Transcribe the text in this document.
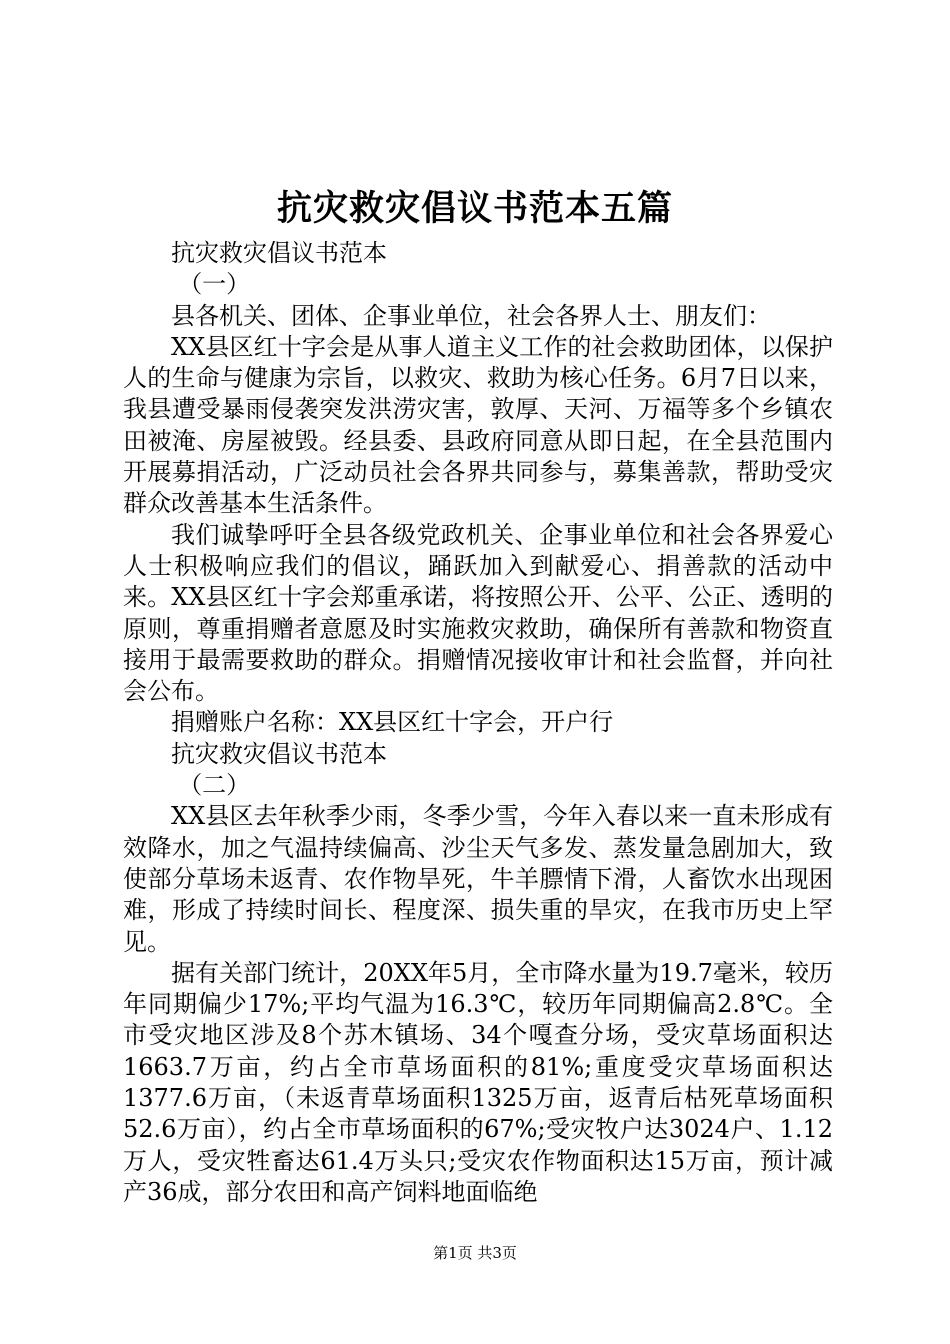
抗灾救灾倡议书范本五篇

抗灾救灾倡议书范本

（一）

县各机关、团体、企事业单位，社会各界人士、朋友们：

XX县区红十字会是从事人道主义工作的社会救助团体，以保护人的生命与健康为宗旨，以救灾、救助为核心任务。6月7日以来，我县遭受暴雨侵袭突发洪涝灾害，敦厚、天河、万福等多个乡镇农田被淹、房屋被毁。经县委、县政府同意从即日起，在全县范围内开展募捐活动，广泛动员社会各界共同参与，募集善款，帮助受灾群众改善基本生活条件。

我们诚挚呼吁全县各级党政机关、企事业单位和社会各界爱心人士积极响应我们的倡议，踊跃加入到献爱心、捐善款的活动中来。XX县区红十字会郑重承诺，将按照公开、公平、公正、透明的原则，尊重捐赠者意愿及时实施救灾救助，确保所有善款和物资直接用于最需要救助的群众。捐赠情况接收审计和社会监督，并向社会公布。

捐赠账户名称：XX县区红十字会，开户行

抗灾救灾倡议书范本

（二）

XX县区去年秋季少雨，冬季少雪，今年入春以来一直未形成有效降水，加之气温持续偏高、沙尘天气多发、蒸发量急剧加大，致使部分草场未返青、农作物旱死，牛羊膘情下滑，人畜饮水出现困难，形成了持续时间长、程度深、损失重的旱灾，在我市历史上罕见。

据有关部门统计，20XX年5月，全市降水量为19.7毫米，较历年同期偏少17%;平均气温为16.3℃，较历年同期偏高2.8℃。全市受灾地区涉及8个苏木镇场、34个嘎查分场，受灾草场面积达1663.7万亩，约占全市草场面积的81%;重度受灾草场面积达1377.6万亩，（未返青草场面积1325万亩，返青后枯死草场面积52.6万亩），约占全市草场面积的67%;受灾牧户达3024户、1.12万人，受灾牲畜达61.4万头只;受灾农作物面积达15万亩，预计减产36成，部分农田和高产饲料地面临绝

第1页 共3页
